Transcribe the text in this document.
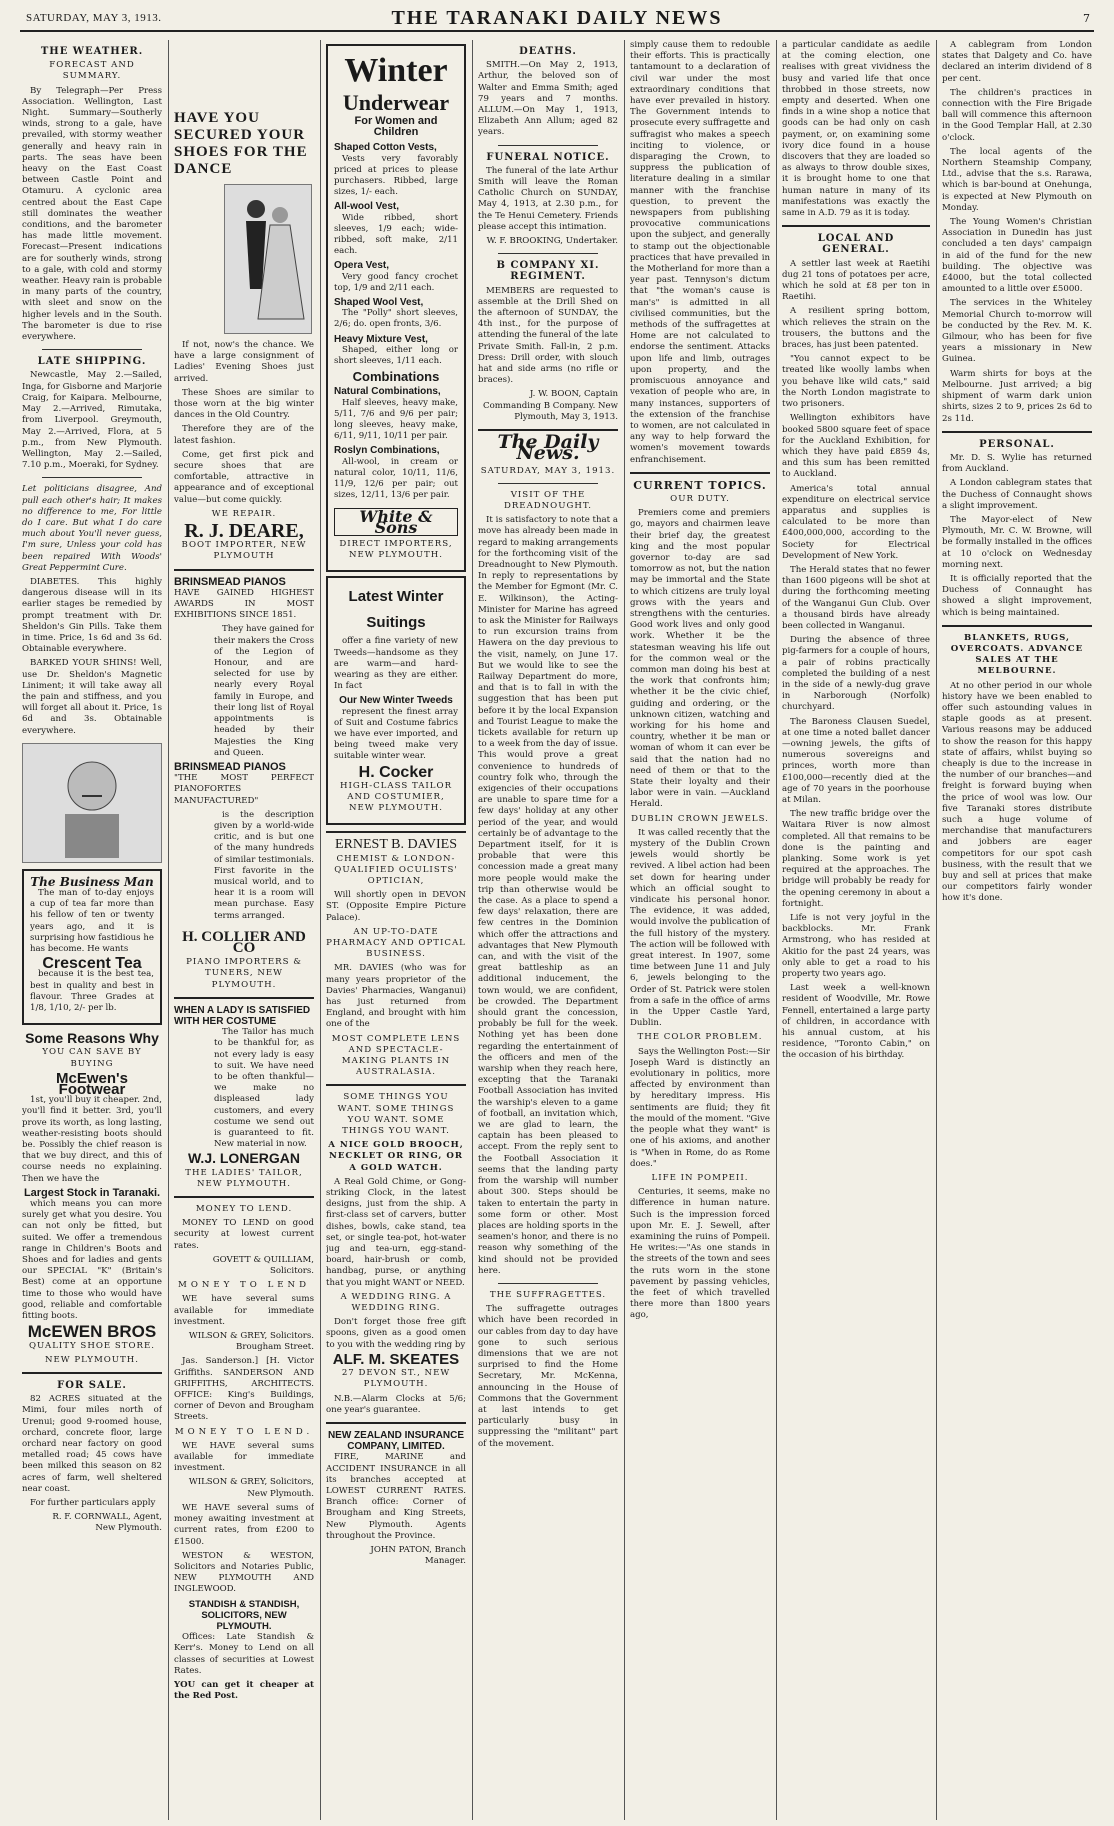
SATURDAY, MAY 3, 1913.	THE TARANAKI DAILY NEWS	7
THE WEATHER.
FORECAST AND SUMMARY.

By Telegraph—Per Press Association. Wellington, Last Night. Summary—Southerly winds, strong to a gale, have prevailed, with stormy weather generally and heavy rain in parts. The seas have been heavy on the East Coast between Castle Point and Otamuru. A cyclonic area centred about the East Cape still dominates the weather conditions, and the barometer has made little movement. Forecast—Present indications are for southerly winds, strong to a gale, with cold and stormy weather. Heavy rain is probable in many parts of the country, with sleet and snow on the higher levels and in the South. The barometer is due to rise everywhere.

LATE SHIPPING.

Newcastle, May 2.—Sailed, Inga, for Gisborne and Marjorie Craig, for Kaipara. Melbourne, May 2.—Arrived, Rimutaka, from Liverpool. Greymouth, May 2.—Arrived, Flora, at 5 p.m., from New Plymouth. Wellington, May 2.—Sailed, 7.10 p.m., Moeraki, for Sydney.

Let politicians disagree, And pull each other's hair; It makes no difference to me, For little do I care. But what I do care much about You'll never guess, I'm sure, Unless your cold has been repaired With Woods' Great Peppermint Cure.

DIABETES. This highly dangerous disease will in its earlier stages be remedied by prompt treatment with Dr. Sheldon's Gin Pills. Take them in time. Price, 1s 6d and 3s 6d. Obtainable everywhere.

BARKED YOUR SHINS! Well, use Dr. Sheldon's Magnetic Liniment; it will take away all the pain and stiffness, and you will forget all about it. Price, 1s 6d and 3s. Obtainable everywhere.

The Business Man

The man of to-day enjoys a cup of tea far more than his fellow of ten or twenty years ago, and it is surprising how fastidious he has become. He wants

Crescent Tea

because it is the best tea, best in quality and best in flavour. Three Grades at 1/8, 1/10, 2/- per lb.

Some Reasons Why
YOU CAN SAVE BY BUYING
McEwen's Footwear

1st, you'll buy it cheaper. 2nd, you'll find it better. 3rd, you'll prove its worth, as long lasting, weather-resisting boots should be. Possibly the chief reason is that we buy direct, and this of course needs no explaining. Then we have the

Largest Stock in Taranaki.

which means you can more surely get what you desire. You can not only be fitted, but suited. We offer a tremendous range in Children's Boots and Shoes and for ladies and gents our SPECIAL "K" (Britain's Best) come at an opportune time to those who would have good, reliable and comfortable fitting boots.

McEWEN BROS
QUALITY SHOE STORE.
NEW PLYMOUTH.
FOR SALE.

82 ACRES situated at the Mimi, four miles north of Urenui; good 9-roomed house, orchard, concrete floor, large orchard near factory on good metalled road; 45 cows have been milked this season on 82 acres of farm, well sheltered near coast.

For further particulars apply

R. F. CORNWALL, Agent, New Plymouth.

HAVE YOU SECURED YOUR SHOES FOR THE DANCE

If not, now's the chance. We have a large consignment of Ladies' Evening Shoes just arrived.

These Shoes are similar to those worn at the big winter dances in the Old Country.

Therefore they are of the latest fashion.

Come, get first pick and secure shoes that are comfortable, attractive in appearance and of exceptional value—but come quickly.

WE REPAIR.
R. J. DEARE,
BOOT IMPORTER, NEW PLYMOUTH
BRINSMEAD PIANOS

HAVE GAINED HIGHEST AWARDS IN MOST EXHIBITIONS SINCE 1851.

They have gained for their makers the Cross of the Legion of Honour, and are selected for use by nearly every Royal family in Europe, and their long list of Royal appointments is headed by their Majesties the King and Queen.

BRINSMEAD PIANOS

"THE MOST PERFECT PIANOFORTES MANUFACTURED"

is the description given by a world-wide critic, and is but one of the many hundreds of similar testimonials. First favorite in the musical world, and to hear it is a room will mean purchase. Easy terms arranged.

H. COLLIER AND CO
PIANO IMPORTERS & TUNERS, NEW PLYMOUTH.
WHEN A LADY IS SATISFIED WITH HER COSTUME

The Tailor has much to be thankful for, as not every lady is easy to suit. We have need to be often thankful—we make no displeased lady customers, and every costume we send out is guaranteed to fit. New material in now.

W.J. LONERGAN
THE LADIES' TAILOR, NEW PLYMOUTH.
MONEY TO LEND.

MONEY TO LEND on good security at lowest current rates.

GOVETT & QUILLIAM, Solicitors.

MONEY TO LEND

WE have several sums available for immediate investment.

WILSON & GREY, Solicitors. Brougham Street.

Jas. Sanderson.] [H. Victor Griffiths. SANDERSON AND GRIFFITHS, ARCHITECTS. OFFICE: King's Buildings, corner of Devon and Brougham Streets.

MONEY TO LEND.

WE HAVE several sums available for immediate investment.

WILSON & GREY, Solicitors, New Plymouth.

WE HAVE several sums of money awaiting investment at current rates, from £200 to £1500.

WESTON & WESTON, Solicitors and Notaries Public, NEW PLYMOUTH AND INGLEWOOD.

STANDISH & STANDISH, SOLICITORS, NEW PLYMOUTH.

Offices: Late Standish & Kerr's. Money to Lend on all classes of securities at Lowest Rates.

YOU can get it cheaper at the Red Post.

Winter
Underwear
For Women and Children
Shaped Cotton Vests,

Vests very favorably priced at prices to please purchasers. Ribbed, large sizes, 1/- each.

All-wool Vest,

Wide ribbed, short sleeves, 1/9 each; wide-ribbed, soft make, 2/11 each.

Opera Vest,

Very good fancy crochet top, 1/9 and 2/11 each.

Shaped Wool Vest,

The "Polly" short sleeves, 2/6; do. open fronts, 3/6.

Heavy Mixture Vest,

Shaped, either long or short sleeves, 1/11 each.

Combinations
Natural Combinations,

Half sleeves, heavy make, 5/11, 7/6 and 9/6 per pair; long sleeves, heavy make, 6/11, 9/11, 10/11 per pair.

Roslyn Combinations,

All-wool, in cream or natural color, 10/11, 11/6, 11/9, 12/6 per pair; out sizes, 12/11, 13/6 per pair.

White & Sons
DIRECT IMPORTERS, NEW PLYMOUTH.
Latest Winter Suitings

offer a fine variety of new Tweeds—handsome as they are warm—and hard-wearing as they are either. In fact

Our New Winter Tweeds

represent the finest array of Suit and Costume fabrics we have ever imported, and being tweed make very suitable winter wear.

H. Cocker
HIGH-CLASS TAILOR AND COSTUMIER, NEW PLYMOUTH.
ERNEST B. DAVIES
CHEMIST & LONDON-QUALIFIED OCULISTS' OPTICIAN,

Will shortly open in DEVON ST. (Opposite Empire Picture Palace).

AN UP-TO-DATE PHARMACY AND OPTICAL BUSINESS.

MR. DAVIES (who was for many years proprietor of the Davies' Pharmacies, Wanganui) has just returned from England, and brought with him one of the

MOST COMPLETE LENS AND SPECTACLE-MAKING PLANTS IN AUSTRALASIA.
SOME THINGS YOU WANT. SOME THINGS YOU WANT. SOME THINGS YOU WANT.
A NICE GOLD BROOCH, NECKLET OR RING, OR A GOLD WATCH.

A Real Gold Chime, or Gong-striking Clock, in the latest designs, just from the ship. A first-class set of carvers, butter dishes, bowls, cake stand, tea set, or single tea-pot, hot-water jug and tea-urn, egg-stand-board, hair-brush or comb, handbag, purse, or anything that you might WANT or NEED.

A WEDDING RING. A WEDDING RING.

Don't forget those free gift spoons, given as a good omen to you with the wedding ring by

ALF. M. SKEATES
27 DEVON ST., NEW PLYMOUTH.

N.B.—Alarm Clocks at 5/6; one year's guarantee.

NEW ZEALAND INSURANCE COMPANY, LIMITED.

FIRE, MARINE and ACCIDENT INSURANCE in all its branches accepted at LOWEST CURRENT RATES. Branch office: Corner of Brougham and King Streets, New Plymouth. Agents throughout the Province.

JOHN PATON, Branch Manager.

DEATHS.

SMITH.—On May 2, 1913, Arthur, the beloved son of Walter and Emma Smith; aged 79 years and 7 months. ALLUM.—On May 1, 1913, Elizabeth Ann Allum; aged 82 years.

FUNERAL NOTICE.

The funeral of the late Arthur Smith will leave the Roman Catholic Church on SUNDAY, May 4, 1913, at 2.30 p.m., for the Te Henui Cemetery. Friends please accept this intimation.

W. F. BROOKING, Undertaker.

B COMPANY XI. REGIMENT.

MEMBERS are requested to assemble at the Drill Shed on the afternoon of SUNDAY, the 4th inst., for the purpose of attending the funeral of the late Private Smith. Fall-in, 2 p.m. Dress: Drill order, with slouch hat and side arms (no rifle or braces).

J. W. BOON, Captain Commanding B Company. New Plymouth, May 3, 1913.

The Daily News.
SATURDAY, MAY 3, 1913.
VISIT OF THE DREADNOUGHT.

It is satisfactory to note that a move has already been made in regard to making arrangements for the forthcoming visit of the Dreadnought to New Plymouth. In reply to representations by the Member for Egmont (Mr. C. E. Wilkinson), the Acting-Minister for Marine has agreed to ask the Minister for Railways to run excursion trains from Hawera on the day previous to the visit, namely, on June 17. But we would like to see the Railway Department do more, and that is to fall in with the suggestion that has been put before it by the local Expansion and Tourist League to make the tickets available for return up to a week from the day of issue. This would prove a great convenience to hundreds of country folk who, through the exigencies of their occupations are unable to spare time for a few days' holiday at any other period of the year, and would certainly be of advantage to the Department itself, for it is probable that were this concession made a great many more people would make the trip than otherwise would be the case. As a place to spend a few days' relaxation, there are few centres in the Dominion which offer the attractions and advantages that New Plymouth can, and with the visit of the great battleship as an additional inducement, the town would, we are confident, be crowded. The Department should grant the concession, probably be full for the week. Nothing yet has been done regarding the entertainment of the officers and men of the warship when they reach here, excepting that the Taranaki Football Association has invited the warship's eleven to a game of football, an invitation which, we are glad to learn, the captain has been pleased to accept. From the reply sent to the Football Association it seems that the landing party from the warship will number about 300. Steps should be taken to entertain the party in some form or other. Most places are holding sports in the seamen's honor, and there is no reason why something of the kind should not be provided here.

THE SUFFRAGETTES.

The suffragette outrages which have been recorded in our cables from day to day have gone to such serious dimensions that we are not surprised to find the Home Secretary, Mr. McKenna, announcing in the House of Commons that the Government at last intends to get particularly busy in suppressing the "militant" part of the movement.

simply cause them to redouble their efforts. This is practically tantamount to a declaration of civil war under the most extraordinary conditions that have ever prevailed in history. The Government intends to prosecute every suffragette and suffragist who makes a speech inciting to violence, or disparaging the Crown, to suppress the publication of literature dealing in a similar manner with the franchise question, to prevent the newspapers from publishing provocative communications upon the subject, and generally to stamp out the objectionable practices that have prevailed in the Motherland for more than a year past. Tennyson's dictum that "the woman's cause is man's" is admitted in all civilised communities, but the methods of the suffragettes at Home are not calculated to endorse the sentiment. Attacks upon life and limb, outrages upon property, and the promiscuous annoyance and vexation of people who are, in many instances, supporters of the extension of the franchise to women, are not calculated in any way to help forward the women's movement towards enfranchisement.

CURRENT TOPICS.
OUR DUTY.

Premiers come and premiers go, mayors and chairmen leave their brief day, the greatest king and the most popular governor to-day are sad tomorrow as not, but the nation may be immortal and the State to which citizens are truly loyal grows with the years and strengthens with the centuries. Good work lives and only good work. Whether it be the statesman weaving his life out for the common weal or the common man doing his best at the work that confronts him; whether it be the civic chief, guiding and ordering, or the unknown citizen, watching and working for his home and country, whether it be man or woman of whom it can ever be said that the nation had no need of them or that to the State their loyalty and their labor were in vain. —Auckland Herald.

DUBLIN CROWN JEWELS.

It was called recently that the mystery of the Dublin Crown jewels would shortly be revived. A libel action had been set down for hearing under which an official sought to vindicate his personal honor. The evidence, it was added, would involve the publication of the full history of the mystery. The action will be followed with great interest. In 1907, some time between June 11 and July 6, jewels belonging to the Order of St. Patrick were stolen from a safe in the office of arms in the Upper Castle Yard, Dublin.

THE COLOR PROBLEM.

Says the Wellington Post:—Sir Joseph Ward is distinctly an evolutionary in politics, more affected by environment than by hereditary impress. His sentiments are fluid; they fit the mould of the moment. "Give the people what they want" is one of his axioms, and another is "When in Rome, do as Rome does."

LIFE IN POMPEII.

Centuries, it seems, make no difference in human nature. Such is the impression forced upon Mr. E. J. Sewell, after examining the ruins of Pompeii. He writes:—"As one stands in the streets of the town and sees the ruts worn in the stone pavement by passing vehicles, the feet of which travelled there more than 1800 years ago,

a particular candidate as aedile at the coming election, one realises with great vividness the busy and varied life that once throbbed in those streets, now empty and deserted. When one finds in a wine shop a notice that goods can be had only on cash payment, or, on examining some ivory dice found in a house discovers that they are loaded so as always to throw double sixes, it is brought home to one that human nature in many of its manifestations was exactly the same in A.D. 79 as it is today.

LOCAL AND GENERAL.

A settler last week at Raetihi dug 21 tons of potatoes per acre, which he sold at £8 per ton in Raetihi.

A resilient spring bottom, which relieves the strain on the trousers, the buttons and the braces, has just been patented.

"You cannot expect to be treated like woolly lambs when you behave like wild cats," said the North London magistrate to two prisoners.

Wellington exhibitors have booked 5800 square feet of space for the Auckland Exhibition, for which they have paid £859 4s, and this sum has been remitted to Auckland.

America's total annual expenditure on electrical service apparatus and supplies is calculated to be more than £400,000,000, according to the Society for Electrical Development of New York.

The Herald states that no fewer than 1600 pigeons will be shot at during the forthcoming meeting of the Wanganui Gun Club. Over a thousand birds have already been collected in Wanganui.

During the absence of three pig-farmers for a couple of hours, a pair of robins practically completed the building of a nest in the side of a newly-dug grave in Narborough (Norfolk) churchyard.

The Baroness Clausen Suedel, at one time a noted ballet dancer—owning jewels, the gifts of numerous sovereigns and princes, worth more than £100,000—recently died at the age of 70 years in the poorhouse at Milan.

The new traffic bridge over the Waitara River is now almost completed. All that remains to be done is the painting and planking. Some work is yet required at the approaches. The bridge will probably be ready for the opening ceremony in about a fortnight.

Life is not very joyful in the backblocks. Mr. Frank Armstrong, who has resided at Akitio for the past 24 years, was only able to get a road to his property two years ago.

Last week a well-known resident of Woodville, Mr. Rowe Fennell, entertained a large party of children, in accordance with his annual custom, at his residence, "Toronto Cabin," on the occasion of his birthday.

A cablegram from London states that Dalgety and Co. have declared an interim dividend of 8 per cent.

The children's practices in connection with the Fire Brigade ball will commence this afternoon in the Good Templar Hall, at 2.30 o'clock.

The local agents of the Northern Steamship Company, Ltd., advise that the s.s. Rarawa, which is bar-bound at Onehunga, is expected at New Plymouth on Monday.

The Young Women's Christian Association in Dunedin has just concluded a ten days' campaign in aid of the fund for the new building. The objective was £4000, but the total collected amounted to a little over £5000.

The services in the Whiteley Memorial Church to-morrow will be conducted by the Rev. M. K. Gilmour, who has been for five years a missionary in New Guinea.

Warm shirts for boys at the Melbourne. Just arrived; a big shipment of warm dark union shirts, sizes 2 to 9, prices 2s 6d to 2s 11d.

PERSONAL.

Mr. D. S. Wylie has returned from Auckland.

A London cablegram states that the Duchess of Connaught shows a slight improvement.

The Mayor-elect of New Plymouth, Mr. C. W. Browne, will be formally installed in the offices at 10 o'clock on Wednesday morning next.

It is officially reported that the Duchess of Connaught has showed a slight improvement, which is being maintained.

BLANKETS, RUGS, OVERCOATS. ADVANCE SALES AT THE MELBOURNE.

At no other period in our whole history have we been enabled to offer such astounding values in staple goods as at present. Various reasons may be adduced to show the reason for this happy state of affairs, whilst buying so cheaply is due to the increase in the number of our branches—and freight is forward buying when the price of wool was low. Our five Taranaki stores distribute such a huge volume of merchandise that manufacturers and jobbers are eager competitors for our spot cash business, with the result that we buy and sell at prices that make our competitors fairly wonder how it's done.
